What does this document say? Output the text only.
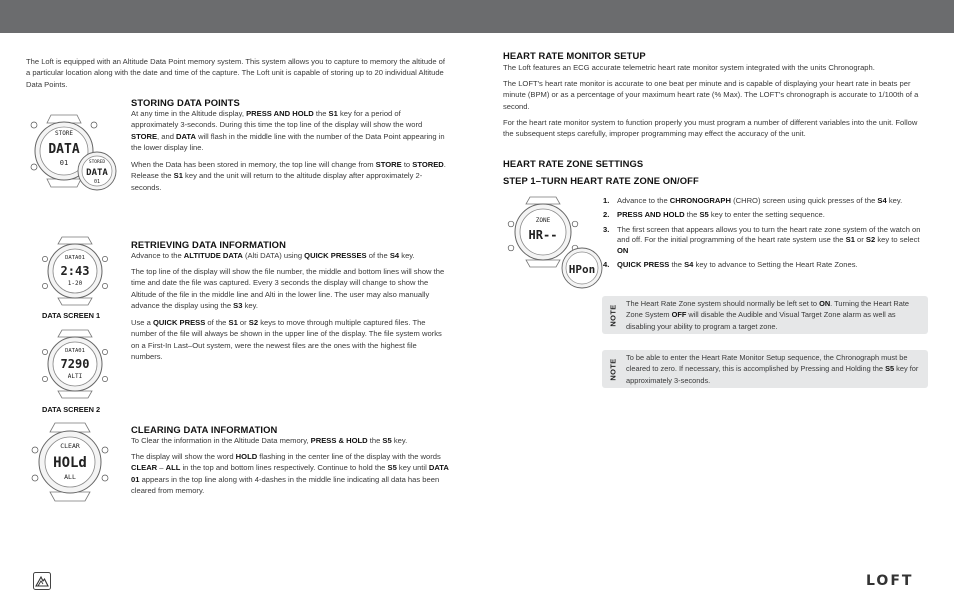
The Loft is equipped with an Altitude Data Point memory system. This system allows you to capture to memory the altitude of a particular location along with the date and time of the capture. The Loft unit is capable of storing up to 20 individual Altitude Data Points.

STORING DATA POINTS

At any time in the Altitude display, PRESS AND HOLD the S1 key for a period of approximately 3-seconds. During this time the top line of the display will show the word STORE, and DATA will flash in the middle line with the number of the Data Point appearing in the lower display line.

When the Data has been stored in memory, the top line will change from STORE to STORED. Release the S1 key and the unit will return to the altitude display after approximately 2-seconds.

STORE
DATA
01	STORED
DATA
01
RETRIEVING DATA INFORMATION

Advance to the ALTITUDE DATA (Alti DATA) using QUICK PRESSES of the S4 key.

The top line of the display will show the file number, the middle and bottom lines will show the time and date the file was captured. Every 3 seconds the display will change to show the Altitude of the file in the middle line and Alti in the lower line. The user may also manually advance the display using the S3 key.

Use a QUICK PRESS of the S1 or S2 keys to move through multiple captured files. The number of the file will always be shown in the upper line of the display. The file system works on a First-In Last–Out system, were the newest files are the ones with the highest file numbers.

DATA01
2:43
1-20
DATA SCREEN 1
DATA01
7290
ALTI
DATA SCREEN 2
CLEARING DATA INFORMATION

To Clear the information in the Altitude Data memory, PRESS & HOLD the S5 key.

The display will show the word HOLD flashing in the center line of the display with the words CLEAR – ALL in the top and bottom lines respectively. Continue to hold the S5 key until DATA 01 appears in the top line along with 4-dashes in the middle line indicating all data has been cleared from memory.

CLEAR
HOLd
ALL
HEART RATE MONITOR SETUP

The Loft features an ECG accurate telemetric heart rate monitor system integrated with the units Chronograph.

The LOFT's heart rate monitor is accurate to one beat per minute and is capable of displaying your heart rate in beats per minute (BPM) or as a percentage of your maximum heart rate (% Max). The LOFT's chronograph is accurate to 1/100th of a second.

For the heart rate monitor system to function properly you must program a number of different variables into the unit. Follow the subsequent steps carefully, improper programming may effect the accuracy of the unit.

HEART RATE ZONE SETTINGS
STEP 1–TURN HEART RATE ZONE ON/OFF
ZONE
HR--
HPon
1. Advance to the CHRONOGRAPH (CHRO) screen using quick presses of the S4 key.
2. PRESS AND HOLD the S5 key to enter the setting sequence.
3. The first screen that appears allows you to turn the heart rate zone system of the watch on and off. For the initial programming of the heart rate system use the S1 or S2 key to select ON
4. QUICK PRESS the S4 key to advance to Setting the Heart Rate Zones.
NOTE
The Heart Rate Zone system should normally be left set to ON. Turning the Heart Rate Zone System OFF will disable the Audible and Visual Target Zone alarm as well as disabling your ability to program a target zone.
NOTE
To be able to enter the Heart Rate Monitor Setup sequence, the Chronograph must be cleared to zero. If necessary, this is accomplished by Pressing and Holding the S5 key for approximately 3-seconds.
LOFT
